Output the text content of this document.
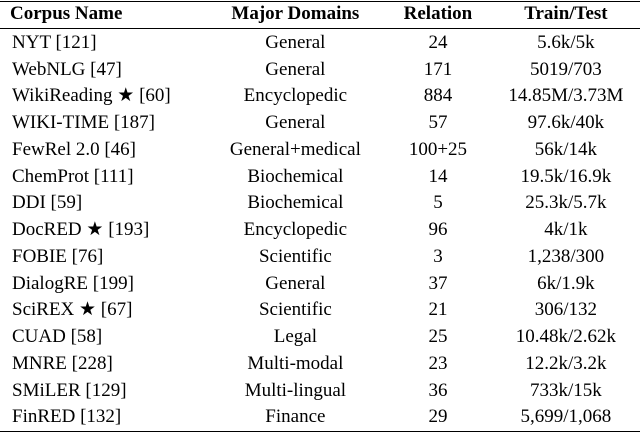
Corpus Name	Major Domains	Relation	Train/Test
NYT [121]	General	24	5.6k/5k
WebNLG [47]	General	171	5019/703
WikiReading ★ [60]	Encyclopedic	884	14.85M/3.73M
WIKI-TIME [187]	General	57	97.6k/40k
FewRel 2.0 [46]	General+medical	100+25	56k/14k
ChemProt [111]	Biochemical	14	19.5k/16.9k
DDI [59]	Biochemical	5	25.3k/5.7k
DocRED ★ [193]	Encyclopedic	96	4k/1k
FOBIE [76]	Scientific	3	1,238/300
DialogRE [199]	General	37	6k/1.9k
SciREX ★ [67]	Scientific	21	306/132
CUAD [58]	Legal	25	10.48k/2.62k
MNRE [228]	Multi-modal	23	12.2k/3.2k
SMiLER [129]	Multi-lingual	36	733k/15k
FinRED [132]	Finance	29	5,699/1,068
